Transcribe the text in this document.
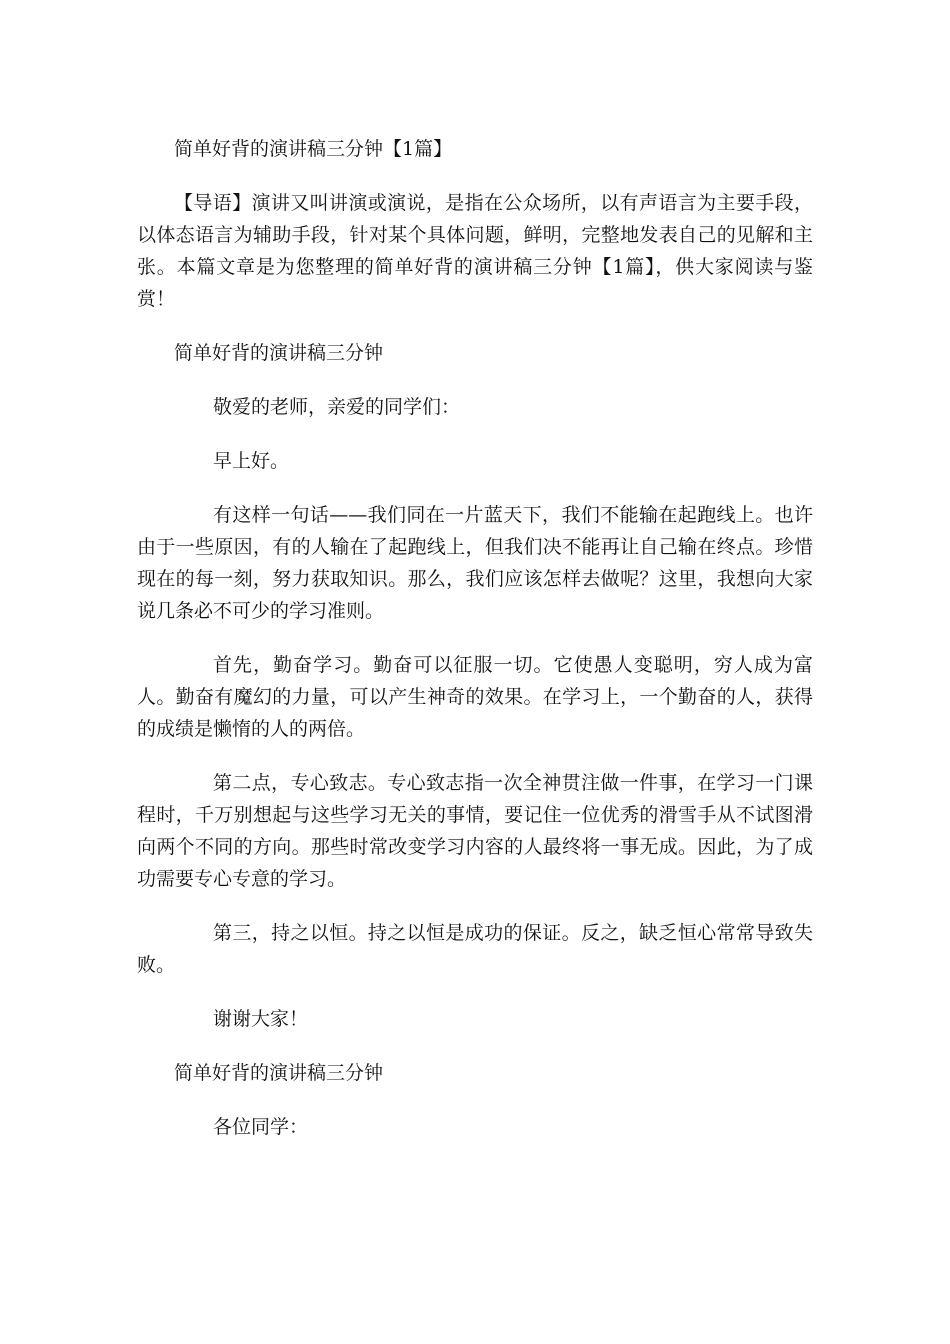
简单好背的演讲稿三分钟【1篇】

【导语】演讲又叫讲演或演说，是指在公众场所，以有声语言为主要手段，以体态语言为辅助手段，针对某个具体问题，鲜明，完整地发表自己的见解和主张。本篇文章是为您整理的简单好背的演讲稿三分钟【1篇】，供大家阅读与鉴赏！

简单好背的演讲稿三分钟

敬爱的老师，亲爱的同学们：

早上好。

有这样一句话——我们同在一片蓝天下，我们不能输在起跑线上。也许由于一些原因，有的人输在了起跑线上，但我们决不能再让自己输在终点。珍惜现在的每一刻，努力获取知识。那么，我们应该怎样去做呢？这里，我想向大家说几条必不可少的学习准则。

首先，勤奋学习。勤奋可以征服一切。它使愚人变聪明，穷人成为富人。勤奋有魔幻的力量，可以产生神奇的效果。在学习上，一个勤奋的人，获得的成绩是懒惰的人的两倍。

第二点，专心致志。专心致志指一次全神贯注做一件事，在学习一门课程时，千万别想起与这些学习无关的事情，要记住一位优秀的滑雪手从不试图滑向两个不同的方向。那些时常改变学习内容的人最终将一事无成。因此，为了成功需要专心专意的学习。

第三，持之以恒。持之以恒是成功的保证。反之，缺乏恒心常常导致失败。

谢谢大家！

简单好背的演讲稿三分钟

各位同学：
